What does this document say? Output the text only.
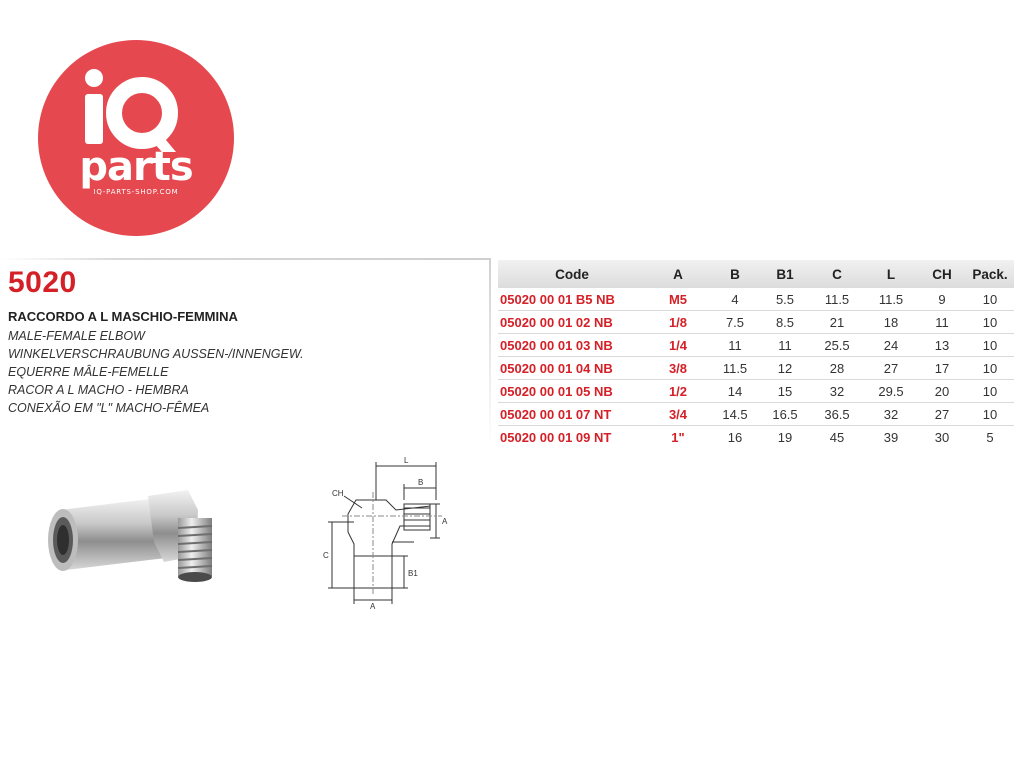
IQ-PARTS-SHOP.COM
parts
5020
RACCORDO A L MASCHIO-FEMMINA
MALE-FEMALE ELBOW
WINKELVERSCHRAUBUNG AUSSEN-/INNENGEW.
EQUERRE MÂLE-FEMELLE
RACOR A L MACHO - HEMBRA
CONEXÃO EM "L" MACHO-FÊMEA
Code	A	B	B1	C	L	CH	Pack.
05020 00 01 B5 NB	M5	4	5.5	11.5	11.5	9	10
05020 00 01 02 NB	1/8	7.5	8.5	21	18	11	10
05020 00 01 03 NB	1/4	11	11	25.5	24	13	10
05020 00 01 04 NB	3/8	11.5	12	28	27	17	10
05020 00 01 05 NB	1/2	14	15	32	29.5	20	10
05020 00 01 07 NT	3/4	14.5	16.5	36.5	32	27	10
05020 00 01 09 NT	1"	16	19	45	39	30	5
L
B
CH
A
C
B1
A
